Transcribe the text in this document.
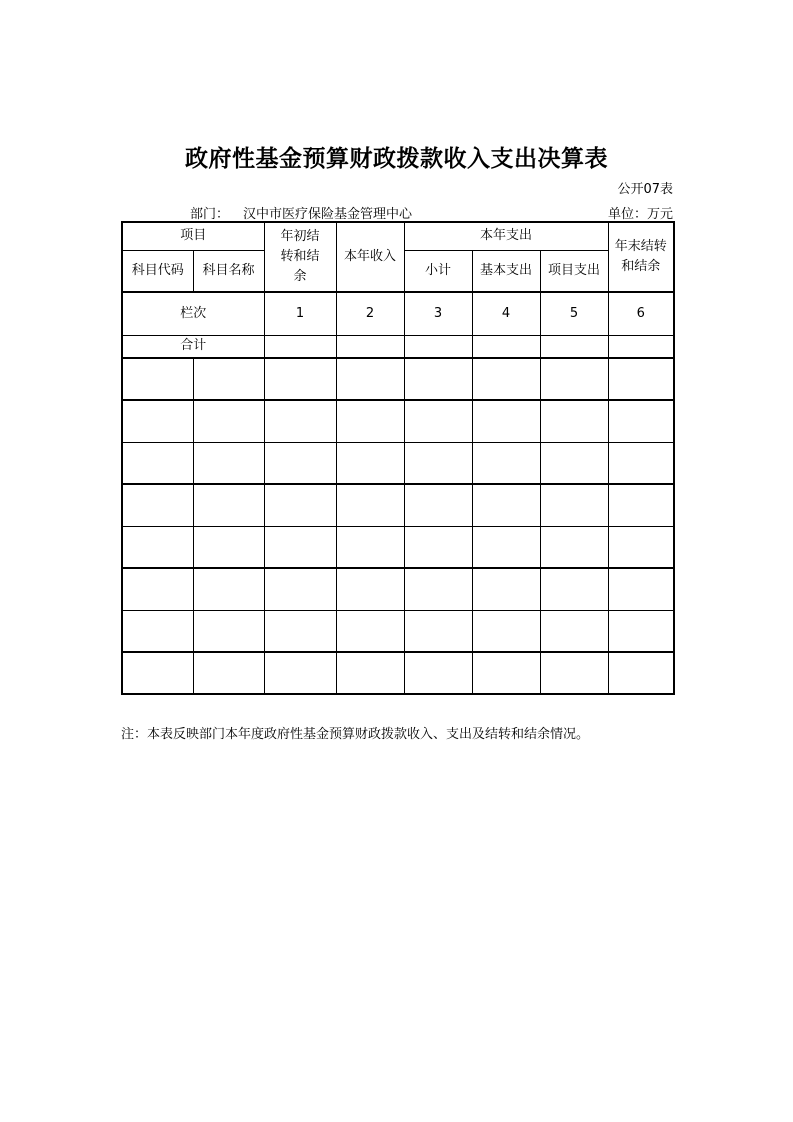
政府性基金预算财政拨款收入支出决算表
公开07表
部门： 汉中市医疗保险基金管理中心	单位：万元
项目		年初结转和结余	本年收入	本年支出			年末结转和结余

科目代码	科目名称			小计	基本支出	项目支出	
栏次		1	2	3	4	5	6
合计							

注：本表反映部门本年度政府性基金预算财政拨款收入、支出及结转和结余情况。
